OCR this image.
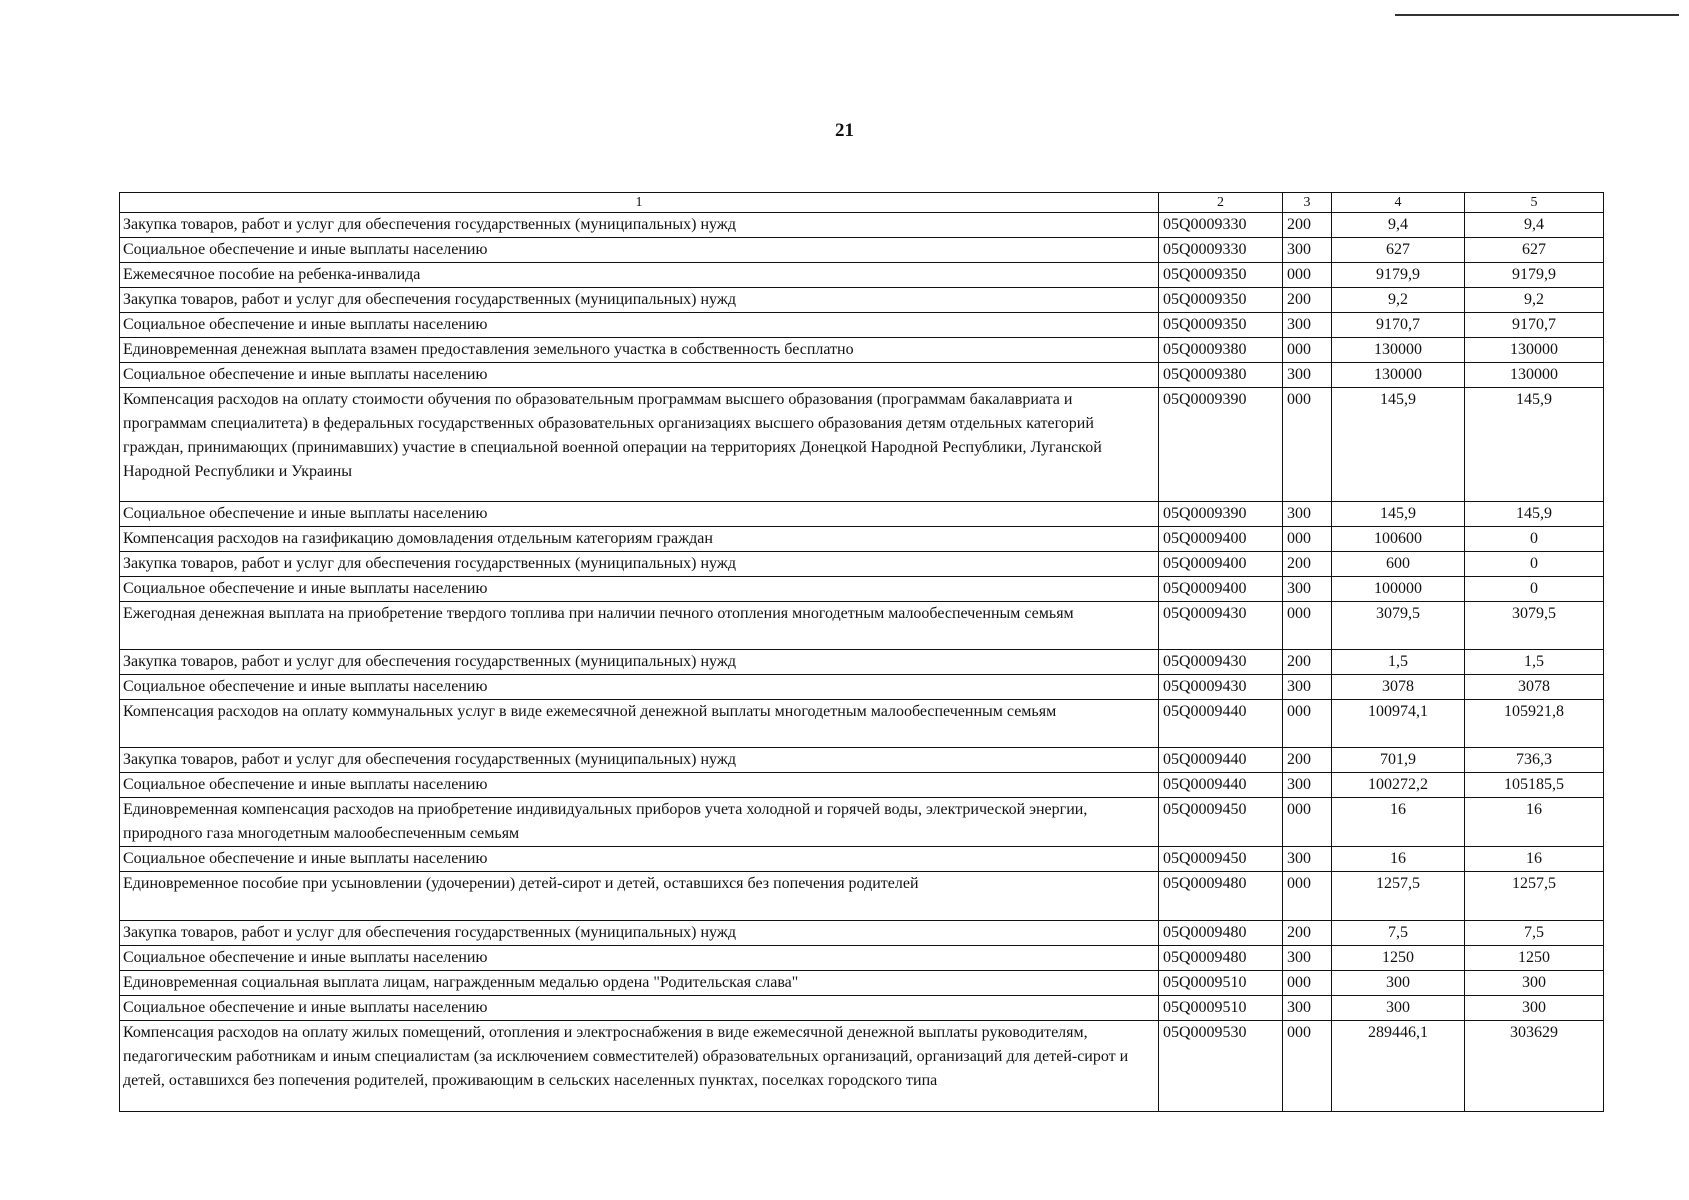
21
1	2	3	4	5
Закупка товаров, работ и услуг для обеспечения государственных (муниципальных) нужд	05Q0009330	200	9,4	9,4
Социальное обеспечение и иные выплаты населению	05Q0009330	300	627	627
Ежемесячное пособие на ребенка-инвалида	05Q0009350	000	9179,9	9179,9
Закупка товаров, работ и услуг для обеспечения государственных (муниципальных) нужд	05Q0009350	200	9,2	9,2
Социальное обеспечение и иные выплаты населению	05Q0009350	300	9170,7	9170,7
Единовременная денежная выплата взамен предоставления земельного участка в собственность бесплатно	05Q0009380	000	130000	130000
Социальное обеспечение и иные выплаты населению	05Q0009380	300	130000	130000
Компенсация расходов на оплату стоимости обучения по образовательным программам высшего образования (программам бакалавриата и программам специалитета) в федеральных государственных образовательных организациях высшего образования детям отдельных категорий граждан, принимающих (принимавших) участие в специальной военной операции на территориях Донецкой Народной Республики, Луганской Народной Республики и Украины	05Q0009390	000	145,9	145,9
Социальное обеспечение и иные выплаты населению	05Q0009390	300	145,9	145,9
Компенсация расходов на газификацию домовладения отдельным категориям граждан	05Q0009400	000	100600	0
Закупка товаров, работ и услуг для обеспечения государственных (муниципальных) нужд	05Q0009400	200	600	0
Социальное обеспечение и иные выплаты населению	05Q0009400	300	100000	0
Ежегодная денежная выплата на приобретение твердого топлива при наличии печного отопления многодетным малообеспеченным семьям	05Q0009430	000	3079,5	3079,5
Закупка товаров, работ и услуг для обеспечения государственных (муниципальных) нужд	05Q0009430	200	1,5	1,5
Социальное обеспечение и иные выплаты населению	05Q0009430	300	3078	3078
Компенсация расходов на оплату коммунальных услуг в виде ежемесячной денежной выплаты многодетным малообеспеченным семьям	05Q0009440	000	100974,1	105921,8
Закупка товаров, работ и услуг для обеспечения государственных (муниципальных) нужд	05Q0009440	200	701,9	736,3
Социальное обеспечение и иные выплаты населению	05Q0009440	300	100272,2	105185,5
Единовременная компенсация расходов на приобретение индивидуальных приборов учета холодной и горячей воды, электрической энергии, природного газа многодетным малообеспеченным семьям	05Q0009450	000	16	16
Социальное обеспечение и иные выплаты населению	05Q0009450	300	16	16
Единовременное пособие при усыновлении (удочерении) детей-сирот и детей, оставшихся без попечения родителей	05Q0009480	000	1257,5	1257,5
Закупка товаров, работ и услуг для обеспечения государственных (муниципальных) нужд	05Q0009480	200	7,5	7,5
Социальное обеспечение и иные выплаты населению	05Q0009480	300	1250	1250
Единовременная социальная выплата лицам, награжденным медалью ордена "Родительская слава"	05Q0009510	000	300	300
Социальное обеспечение и иные выплаты населению	05Q0009510	300	300	300
Компенсация расходов на оплату жилых помещений, отопления и электроснабжения в виде ежемесячной денежной выплаты руководителям, педагогическим работникам и иным специалистам (за исключением совместителей) образовательных организаций, организаций для детей-сирот и детей, оставшихся без попечения родителей, проживающим в сельских населенных пунктах, поселках городского типа	05Q0009530	000	289446,1	303629
